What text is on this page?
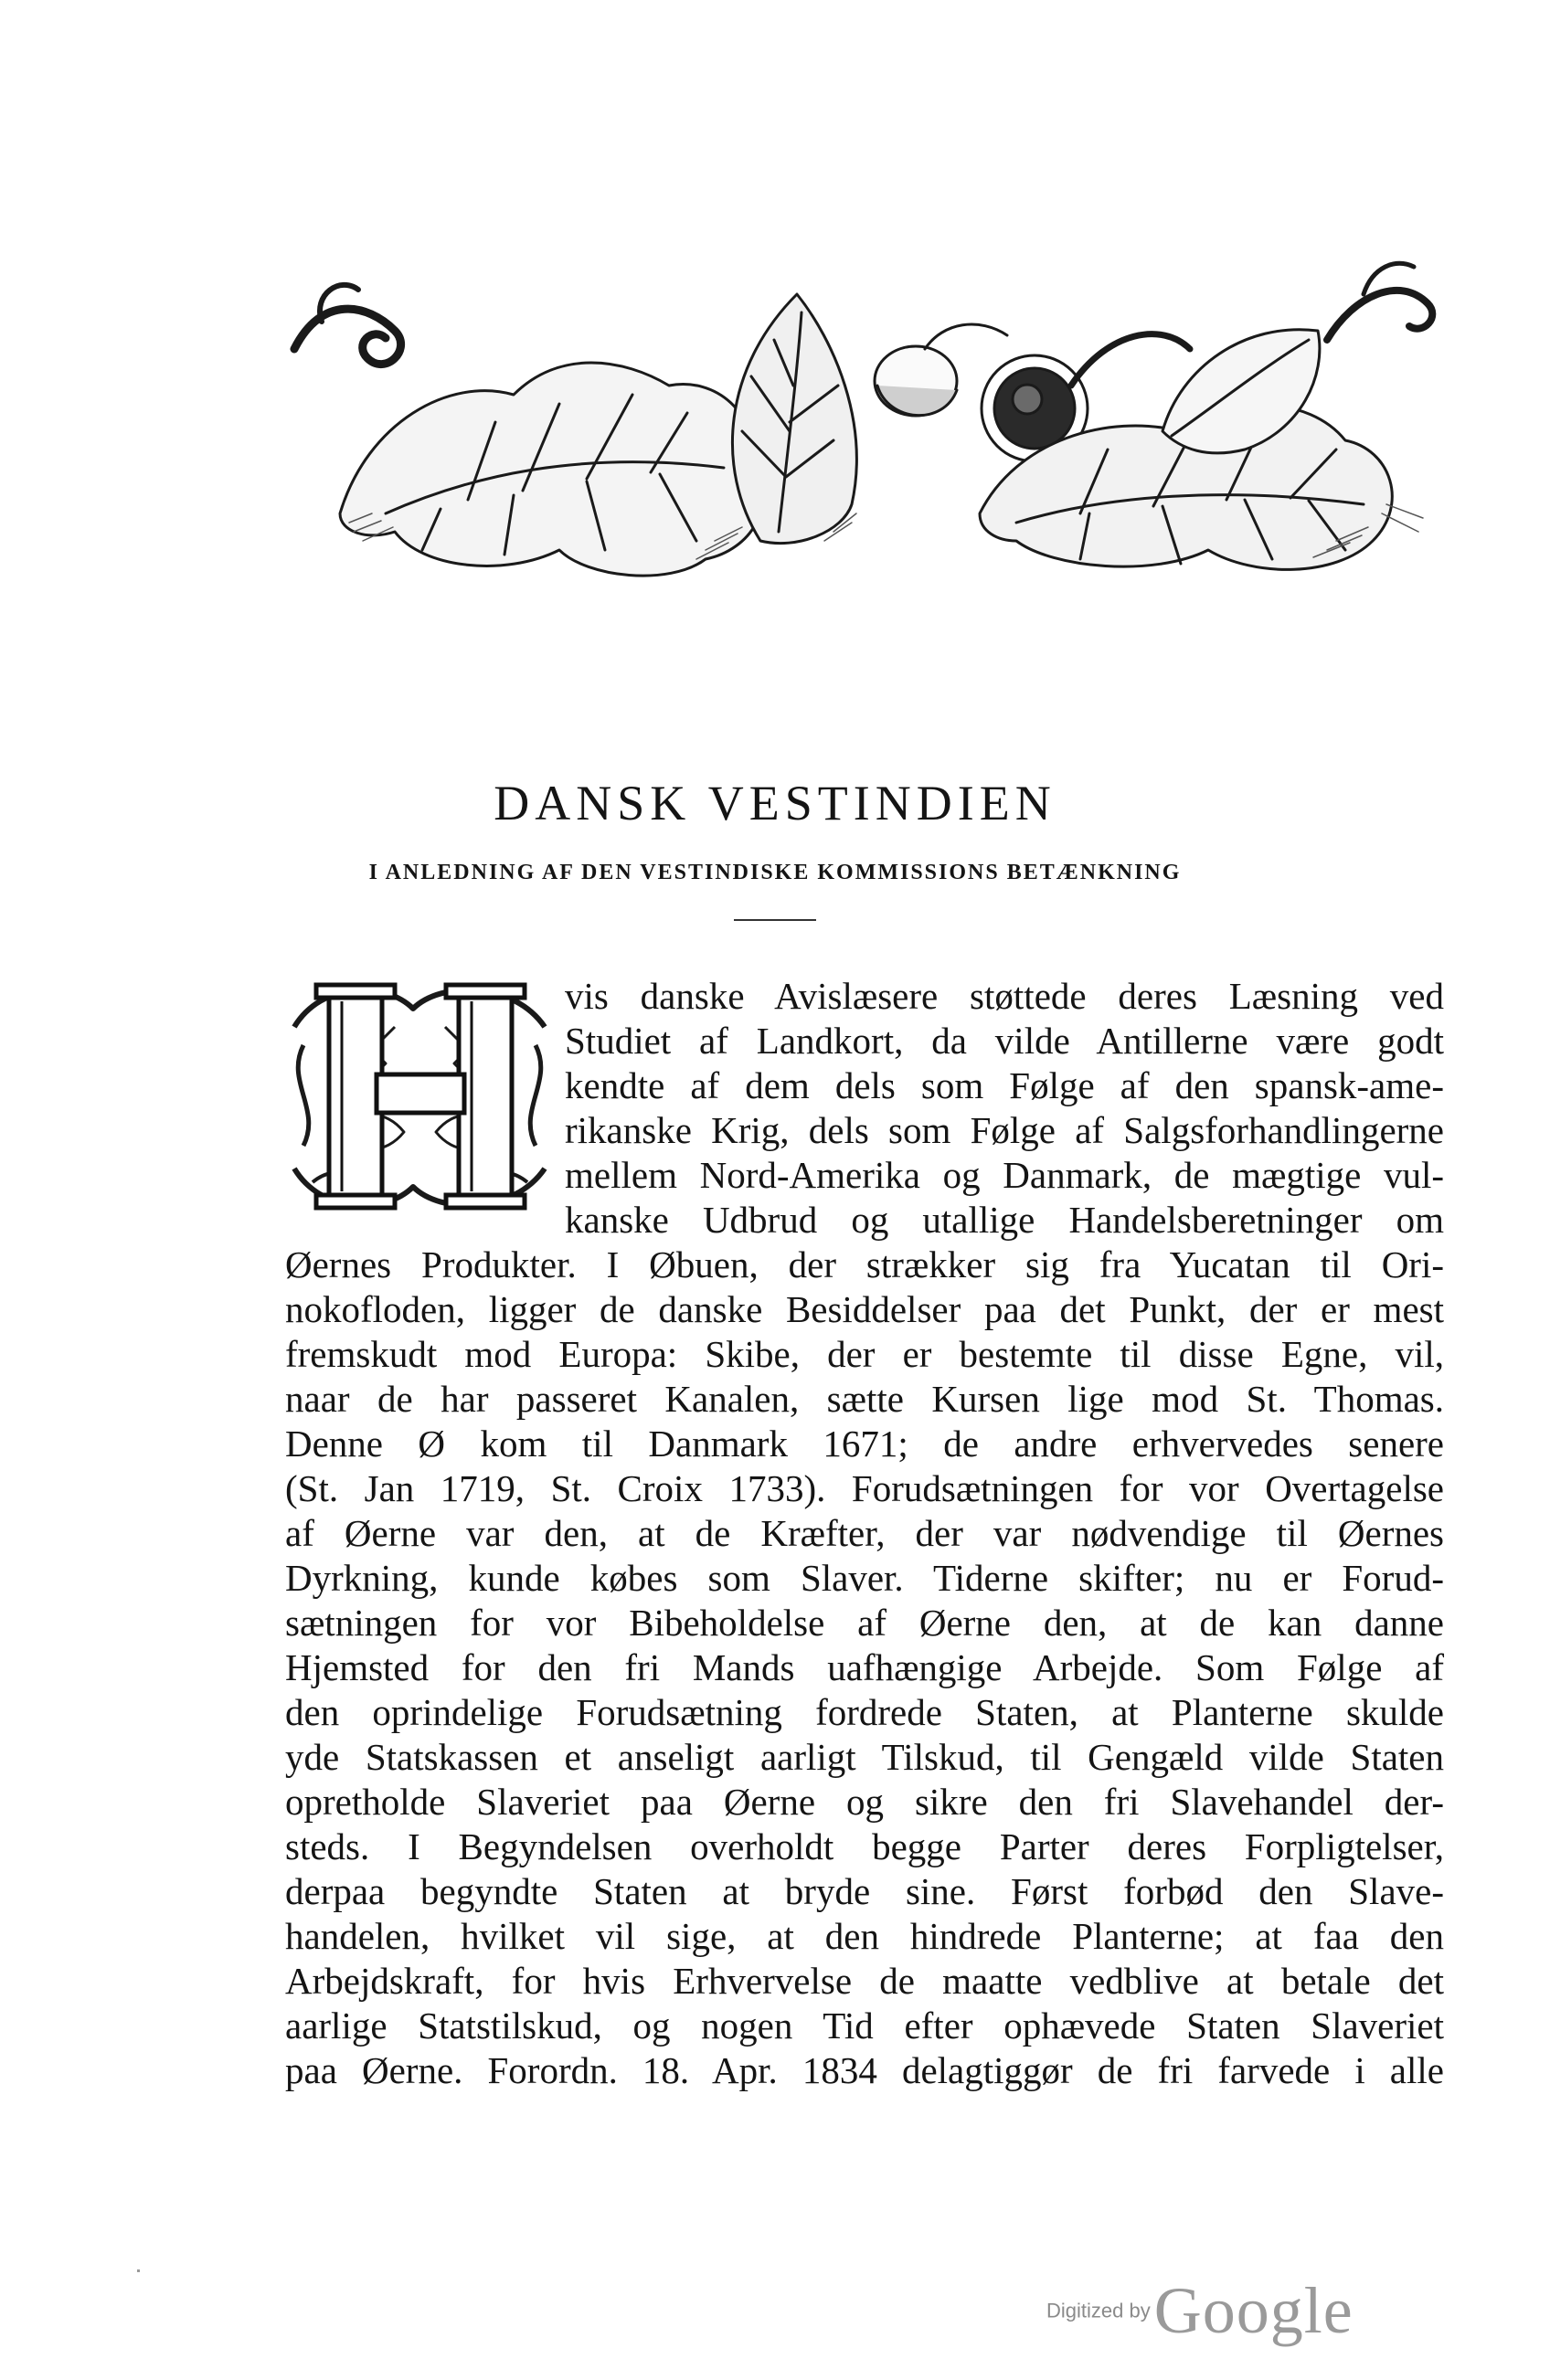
DANSK VESTINDIEN
I ANLEDNING AF DEN VESTINDISKE KOMMISSIONS BETÆNKNING
vis danske Avislæsere støttede deres Læsning ved
Studiet af Landkort, da vilde Antillerne være godt
kendte af dem dels som Følge af den spansk-ame-
rikanske Krig, dels som Følge af Salgsforhandlingerne
mellem Nord-Amerika og Danmark, de mægtige vul-
kanske Udbrud og utallige Handelsberetninger om
Øernes Produkter. I Øbuen, der strækker sig fra Yucatan til Ori-
nokofloden, ligger de danske Besiddelser paa det Punkt, der er mest
fremskudt mod Europa: Skibe, der er bestemte til disse Egne, vil,
naar de har passeret Kanalen, sætte Kursen lige mod St. Thomas.
Denne Ø kom til Danmark 1671; de andre erhvervedes senere
(St. Jan 1719, St. Croix 1733). Forudsætningen for vor Overtagelse
af Øerne var den, at de Kræfter, der var nødvendige til Øernes
Dyrkning, kunde købes som Slaver. Tiderne skifter; nu er Forud-
sætningen for vor Bibeholdelse af Øerne den, at de kan danne
Hjemsted for den fri Mands uafhængige Arbejde. Som Følge af
den oprindelige Forudsætning fordrede Staten, at Planterne skulde
yde Statskassen et anseligt aarligt Tilskud, til Gengæld vilde Staten
opretholde Slaveriet paa Øerne og sikre den fri Slavehandel der-
steds. I Begyndelsen overholdt begge Parter deres Forpligtelser,
derpaa begyndte Staten at bryde sine. Først forbød den Slave-
handelen, hvilket vil sige, at den hindrede Planterne; at faa den
Arbejdskraft, for hvis Erhvervelse de maatte vedblive at betale det
aarlige Statstilskud, og nogen Tid efter ophævede Staten Slaveriet
paa Øerne. Forordn. 18. Apr. 1834 delagtiggør de fri farvede i alle
Digitized by Google
